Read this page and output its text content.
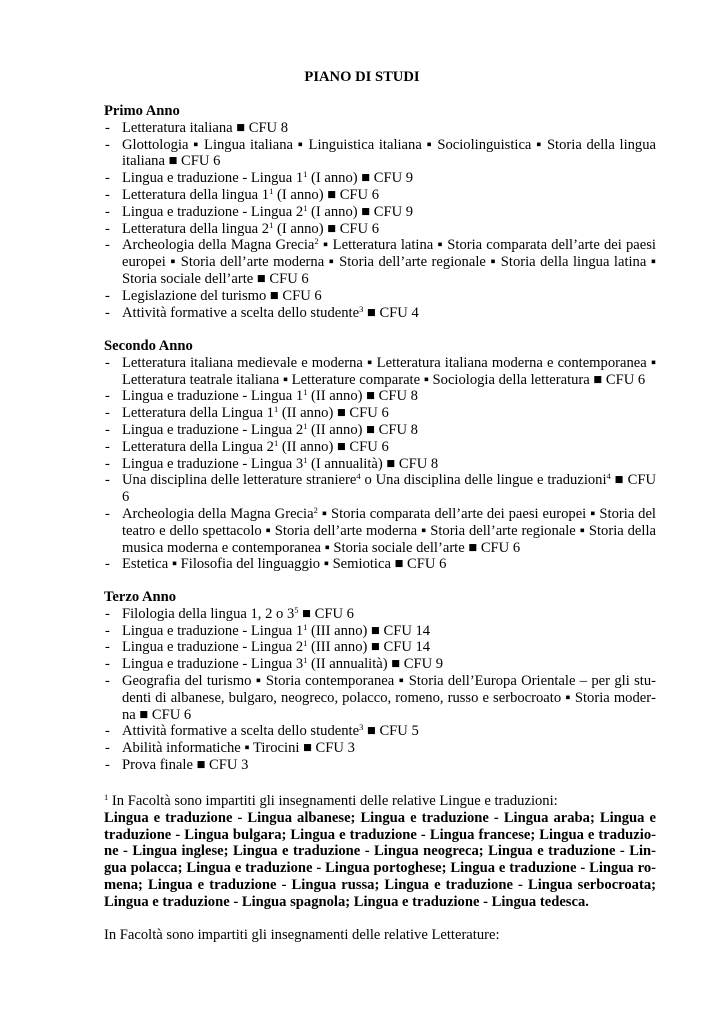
PIANO DI STUDI
Primo Anno
- Letteratura italiana ■ CFU 8
- Glottologia ▪ Lingua italiana ▪ Linguistica italiana ▪ Sociolinguistica ▪ Storia della lingua italiana ■ CFU 6
- Lingua e traduzione - Lingua $1^1$ (I anno) ■ CFU 9
- Letteratura della lingua $1^1$ (I anno) ■ CFU 6
- Lingua e traduzione - Lingua $2^1$ (I anno) ■ CFU 9
- Letteratura della lingua $2^1$ (I anno) ■ CFU 6
- Archeologia della Magna Grecia$^2$ ▪ Letteratura latina ▪ Storia comparata dell’arte dei paesi europei ▪ Storia dell’arte moderna ▪ Storia dell’arte regionale ▪ Storia della lingua latina ▪ Storia sociale dell’arte ■ CFU 6
- Legislazione del turismo ■ CFU 6
- Attività formative a scelta dello studente$^3$ ■ CFU 4
Secondo Anno
- Letteratura italiana medievale e moderna ▪ Letteratura italiana moderna e contemporanea ▪ Letteratura teatrale italiana ▪ Letterature comparate ▪ Sociologia della letteratura ■ CFU 6
- Lingua e traduzione - Lingua $1^1$ (II anno) ■ CFU 8
- Letteratura della Lingua $1^1$ (II anno) ■ CFU 6
- Lingua e traduzione - Lingua $2^1$ (II anno) ■ CFU 8
- Letteratura della Lingua $2^1$ (II anno) ■ CFU 6
- Lingua e traduzione - Lingua $3^1$ (I annualità) ■ CFU 8
- Una disciplina delle letterature straniere$^4$ o Una disciplina delle lingue e traduzioni$^4$ ■ CFU 6
- Archeologia della Magna Grecia$^2$ ▪ Storia comparata dell’arte dei paesi europei ▪ Storia del teatro e dello spettacolo ▪ Storia dell’arte moderna ▪ Storia dell’arte regionale ▪ Storia della musica moderna e contemporanea ▪ Storia sociale dell’arte ■ CFU 6
- Estetica ▪ Filosofia del linguaggio ▪ Semiotica ■ CFU 6
Terzo Anno
- Filologia della lingua 1, 2 o $3^5$ ■ CFU 6
- Lingua e traduzione - Lingua $1^1$ (III anno) ■ CFU 14
- Lingua e traduzione - Lingua $2^1$ (III anno) ■ CFU 14
- Lingua e traduzione - Lingua $3^1$ (II annualità) ■ CFU 9
- Geografia del turismo ▪ Storia contemporanea ▪ Storia dell’Europa Orientale – per gli studenti di albanese, bulgaro, neogreco, polacco, romeno, russo e serbocroato ▪ Storia moderna ■ CFU 6
- Attività formative a scelta dello studente$^3$ ■ CFU 5
- Abilità informatiche ▪ Tirocini ■ CFU 3
- Prova finale ■ CFU 3

$^1$ In Facoltà sono impartiti gli insegnamenti delle relative Lingue e traduzioni:

Lingua e traduzione - Lingua albanese; Lingua e traduzione - Lingua araba; Lingua e traduzione - Lingua bulgara; Lingua e traduzione - Lingua francese; Lingua e traduzione - Lingua inglese; Lingua e traduzione - Lingua neogreca; Lingua e traduzione - Lingua polacca; Lingua e traduzione - Lingua portoghese; Lingua e traduzione - Lingua romena; Lingua e traduzione - Lingua russa; Lingua e traduzione - Lingua serbocroata; Lingua e traduzione - Lingua spagnola; Lingua e traduzione - Lingua tedesca.

In Facoltà sono impartiti gli insegnamenti delle relative Letterature:
